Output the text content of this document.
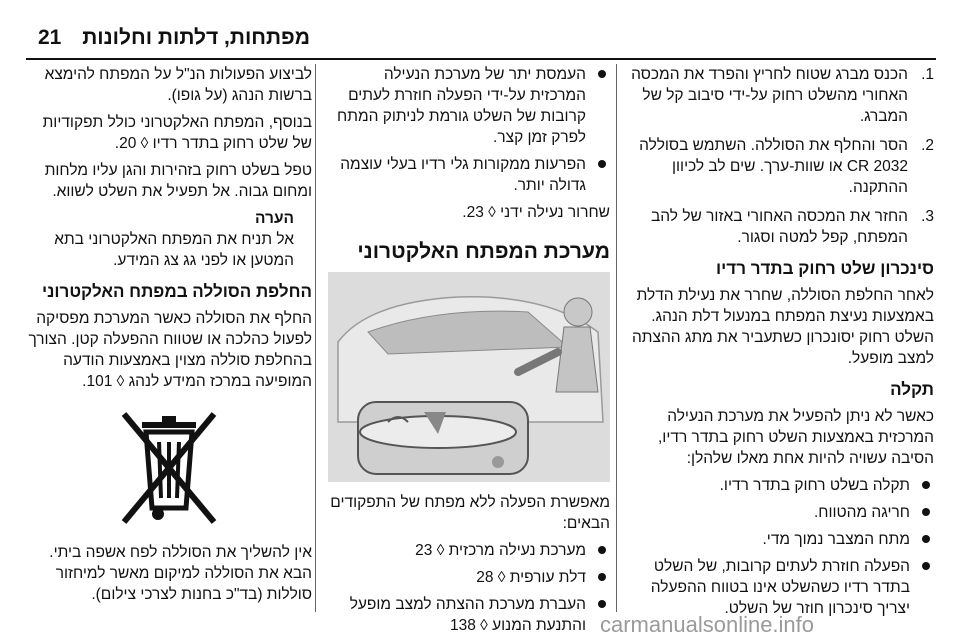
מפתחות, דלתות וחלונות
21
1.
הכנס מברג שטוח לחריץ והפרד את המכסה האחורי מהשלט רחוק על-ידי סיבוב קל של המברג.
2.
הסר והחלף את הסוללה. השתמש בסוללה CR 2032 או שוות-ערך. שים לב לכיוון ההתקנה.
3.
החזר את המכסה האחורי באזור של להב המפתח, קפל למטה וסגור.
סינכרון שלט רחוק בתדר רדיו

לאחר החלפת הסוללה, שחרר את נעילת הדלת באמצעות נעיצת המפתח במנעול דלת הנהג. השלט רחוק יסונכרון כשתעביר את מתג ההצתה למצב מופעל.

תקלה

כאשר לא ניתן להפעיל את מערכת הנעילה המרכזית באמצעות השלט רחוק בתדר רדיו, הסיבה עשויה להיות אחת מאלו שלהלן:

תקלה בשלט רחוק בתדר רדיו.
חריגה מהטווח.
מתח המצבר נמוך מדי.
הפעלה חוזרת לעתים קרובות, של השלט בתדר רדיו כשהשלט אינו בטווח ההפעלה יצריך סינכרון חוזר של השלט.
העמסת יתר של מערכת הנעילה המרכזית על-ידי הפעלה חוזרת לעתים קרובות של השלט גורמת לניתוק המתח לפרק זמן קצר.
הפרעות ממקורות גלי רדיו בעלי עוצמה גדולה יותר.

שחרור נעילה ידני ◊ 23.

מערכת המפתח האלקטרוני

מאפשרת הפעלה ללא מפתח של התפקודים הבאים:

מערכת נעילה מרכזית ◊ 23
דלת עורפית ◊ 28
העברת מערכת ההצתה למצב מופעל והתנעת המנוע ◊ 138

לביצוע הפעולות הנ"ל על המפתח להימצא ברשות הנהג (על גופו).

בנוסף, המפתח האלקטרוני כולל תפקודיות של שלט רחוק בתדר רדיו ◊ 20.

טפל בשלט רחוק בזהירות והגן עליו מלחות ומחום גבוה. אל תפעיל את השלט לשווא.

הערה
אל תניח את המפתח האלקטרוני בתא המטען או לפני גג צג המידע.
החלפת הסוללה במפתח האלקטרוני

החלף את הסוללה כאשר המערכת מפסיקה לפעול כהלכה או שטווח ההפעלה קטן. הצורך בהחלפת סוללה מצוין באמצעות הודעה המופיעה במרכז המידע לנהג ◊ 101.

אין להשליך את הסוללה לפח אשפה ביתי. הבא את הסוללה למיקום מאשר למיחזור סוללות (בד"כ בחנות לצרכי צילום).

carmanualsonline.info
